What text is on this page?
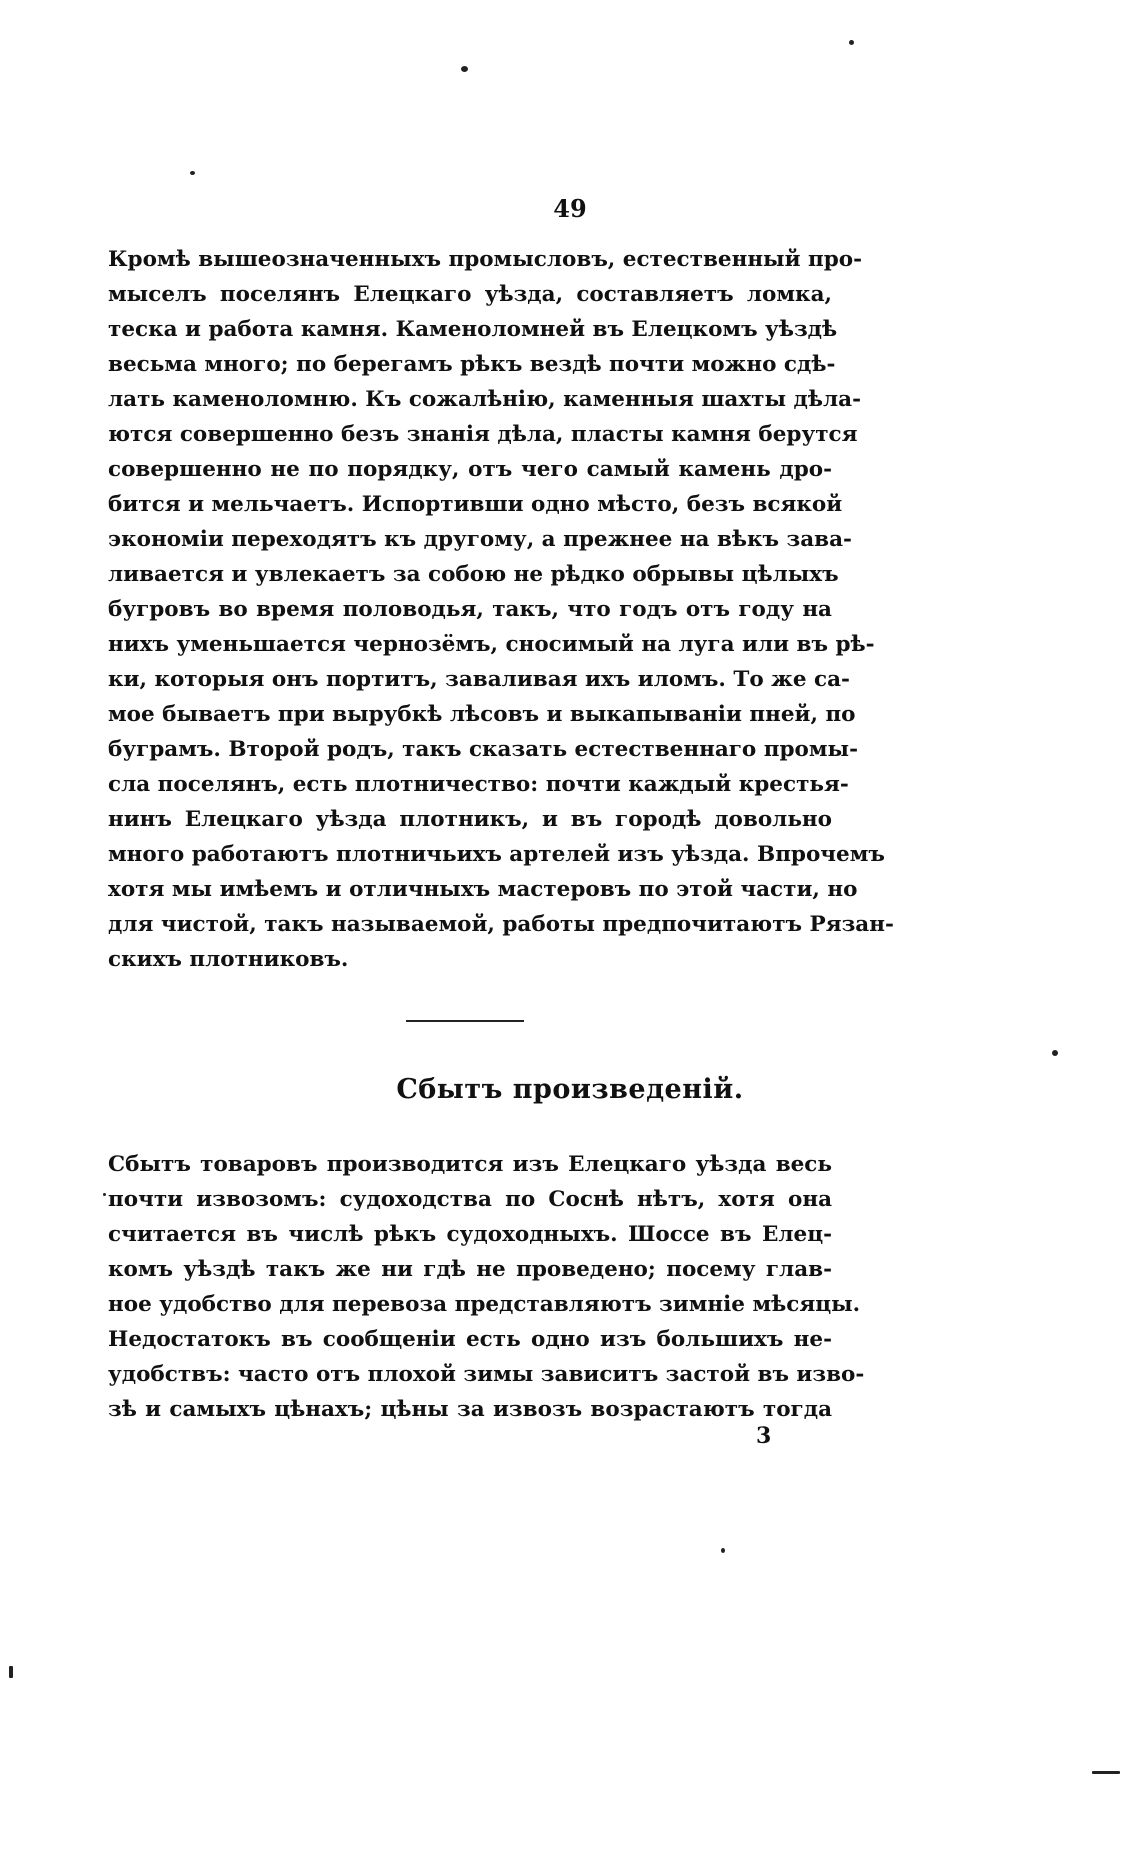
49
Кромѣ вышеозначенныхъ промысловъ, естественный про-
мыселъ поселянъ Елецкаго уѣзда, составляетъ ломка,
теска и работа камня. Каменоломней въ Елецкомъ уѣздѣ
весьма много; по берегамъ рѣкъ вездѣ почти можно сдѣ-
лать каменоломню. Къ сожалѣнію, каменныя шахты дѣла-
ются совершенно безъ знанія дѣла, пласты камня берутся
совершенно не по порядку, отъ чего самый камень дро-
бится и мельчаетъ. Испортивши одно мѣсто, безъ всякой
экономіи переходятъ къ другому, а прежнее на вѣкъ зава-
ливается и увлекаетъ за собою не рѣдко обрывы цѣлыхъ
бугровъ во время половодья, такъ, что годъ отъ году на
нихъ уменьшается чернозёмъ, сносимый на луга или въ рѣ-
ки, которыя онъ портитъ, заваливая ихъ иломъ. То же са-
мое бываетъ при вырубкѣ лѣсовъ и выкапываніи пней, по
буграмъ. Второй родъ, такъ сказать естественнаго промы-
сла поселянъ, есть плотничество: почти каждый крестья-
нинъ Елецкаго уѣзда плотникъ, и въ городѣ довольно
много работаютъ плотничьихъ артелей изъ уѣзда. Впрочемъ
хотя мы имѣемъ и отличныхъ мастеровъ по этой части, но
для чистой, такъ называемой, работы предпочитаютъ Рязан-
скихъ плотниковъ.
Сбытъ произведеній.
Сбытъ товаровъ производится изъ Елецкаго уѣзда весь
почти извозомъ: судоходства по Соснѣ нѣтъ, хотя она
считается въ числѣ рѣкъ судоходныхъ. Шоссе въ Елец-
комъ уѣздѣ такъ же ни гдѣ не проведено; посему глав-
ное удобство для перевоза представляютъ зимніе мѣсяцы.
Недостатокъ въ сообщеніи есть одно изъ большихъ не-
удобствъ: часто отъ плохой зимы зависитъ застой въ изво-
зѣ и самыхъ цѣнахъ; цѣны за извозъ возрастаютъ тогда
3
